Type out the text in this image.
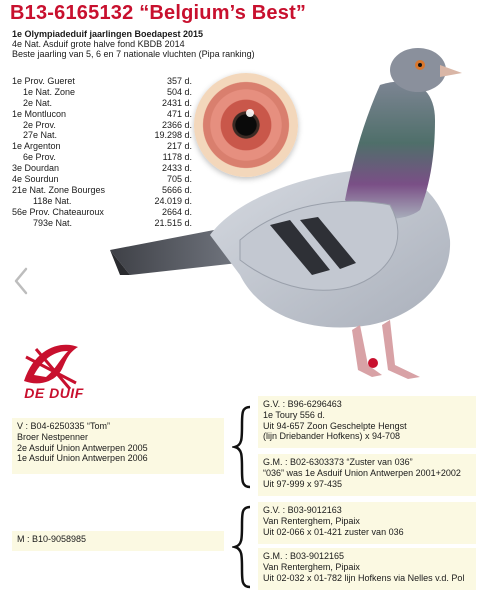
B13-6165132 “Belgium’s Best”
1e Olympiadeduif jaarlingen Boedapest 2015
4e Nat. Asduif grote halve fond KBDB 2014
Beste jaarling van 5, 6 en 7 nationale vluchten (Pipa ranking)
1e Prov. Gueret	357 d.
1e Nat. Zone	504 d.
2e Nat.	2431 d.
1e Montlucon	471 d.
2e Prov.	2366 d.
27e Nat.	19.298 d.
1e Argenton	217 d.
6e Prov.	1178 d.
3e Dourdan	2433 d.
4e Sourdun	705 d.
21e Nat. Zone Bourges	5666 d.
118e Nat.	24.019 d.
56e Prov. Chateauroux	2664 d.
793e Nat.	21.515 d.
DE DUIF
V : B04-6250335 “Tom”
Broer Nestpenner
2e Asduif Union Antwerpen 2005
1e Asduif Union Antwerpen 2006
M : B10-9058985
G.V. : B96-6296463
1e Toury 556 d.
Uit 94-657 Zoon Geschelpte Hengst
(lijn Driebander Hofkens) x 94-708
G.M. : B02-6303373 “Zuster van 036”
“036” was 1e Asduif Union Antwerpen 2001+2002
Uit 97-999 x 97-435
G.V. : B03-9012163
Van Renterghem, Pipaix
Uit 02-066 x 01-421 zuster van 036
G.M. : B03-9012165
Van Renterghem, Pipaix
Uit 02-032 x 01-782 lijn Hofkens via Nelles v.d. Pol
